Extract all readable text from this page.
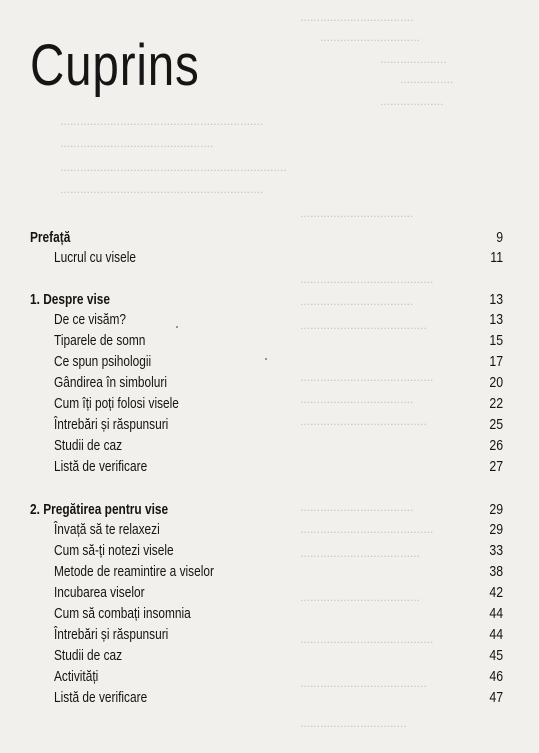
..................................
..............................
....................
................
...................
.............................................................
..............................................
....................................................................
.............................................................
..................................
........................................
..................................
......................................
........................................
..................................
......................................
..................................
........................................
....................................
....................................
........................................
......................................
................................
Cuprins
Prefață	9
Lucrul cu visele	11
1. Despre vise	13
De ce visăm?	13
Tiparele de somn	15
Ce spun psihologii	17
Gândirea în simboluri	20
Cum îți poți folosi visele	22
Întrebări și răspunsuri	25
Studii de caz	26
Listă de verificare	27
2. Pregătirea pentru vise	29
Învață să te relaxezi	29
Cum să-ți notezi visele	33
Metode de reamintire a viselor	38
Incubarea viselor	42
Cum să combați insomnia	44
Întrebări și răspunsuri	44
Studii de caz	45
Activități	46
Listă de verificare	47
